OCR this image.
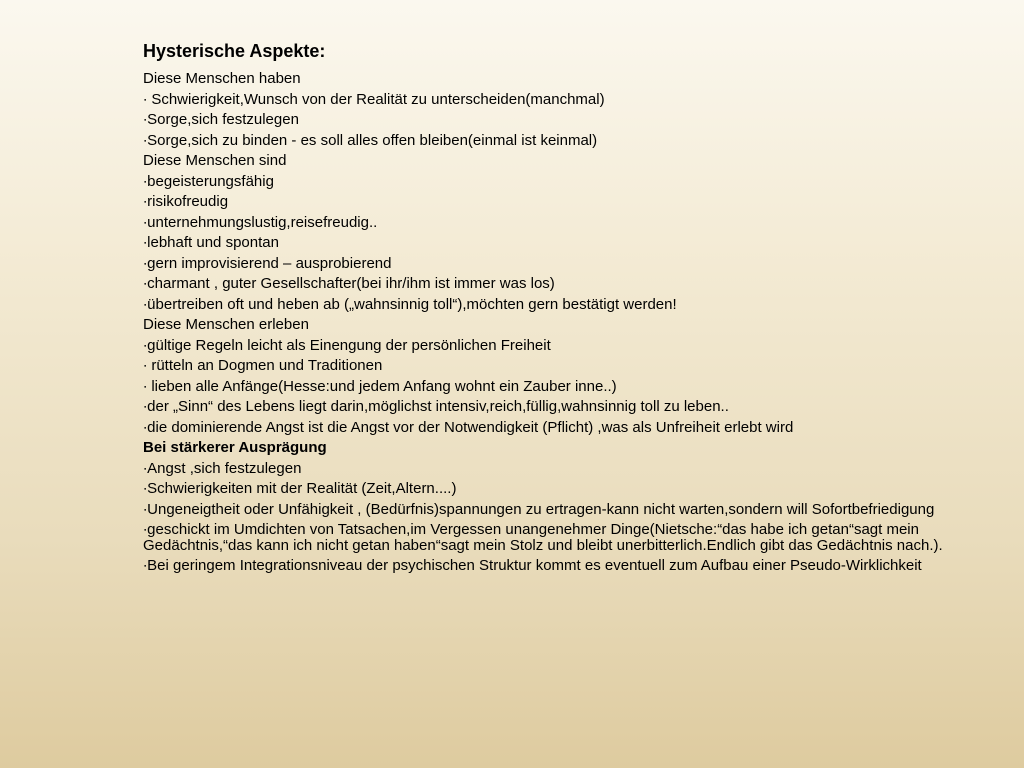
Hysterische Aspekte:
Diese Menschen haben
∙ Schwierigkeit,Wunsch von der Realität zu unterscheiden(manchmal)
∙Sorge,sich festzulegen
∙Sorge,sich zu binden - es soll alles offen bleiben(einmal ist keinmal)
Diese Menschen sind
∙begeisterungsfähig
∙risikofreudig
∙unternehmungslustig,reisefreudig..
∙lebhaft und spontan
∙gern improvisierend – ausprobierend
∙charmant , guter Gesellschafter(bei ihr/ihm ist immer was los)
∙übertreiben oft und heben ab („wahnsinnig toll“),möchten gern bestätigt werden!
Diese Menschen erleben
∙gültige Regeln leicht als Einengung der persönlichen Freiheit
∙ rütteln an Dogmen und Traditionen
∙ lieben alle Anfänge(Hesse:und jedem Anfang wohnt ein Zauber inne..)
∙der „Sinn“ des Lebens liegt darin,möglichst intensiv,reich,füllig,wahnsinnig toll zu leben..
∙die dominierende Angst ist die Angst vor der Notwendigkeit (Pflicht) ,was als Unfreiheit erlebt wird
Bei stärkerer Ausprägung
∙Angst ,sich festzulegen
∙Schwierigkeiten mit der Realität (Zeit,Altern....)
∙Ungeneigtheit oder Unfähigkeit , (Bedürfnis)spannungen zu ertragen-kann nicht warten,sondern will Sofortbefriedigung
∙geschickt im Umdichten von Tatsachen,im Vergessen unangenehmer Dinge(Nietsche:“das habe ich getan“sagt mein Gedächtnis,“das kann ich nicht getan haben“sagt mein Stolz und bleibt unerbitterlich.Endlich gibt das Gedächtnis nach.).
∙Bei geringem Integrationsniveau der psychischen Struktur kommt es eventuell zum Aufbau einer Pseudo-Wirklichkeit
